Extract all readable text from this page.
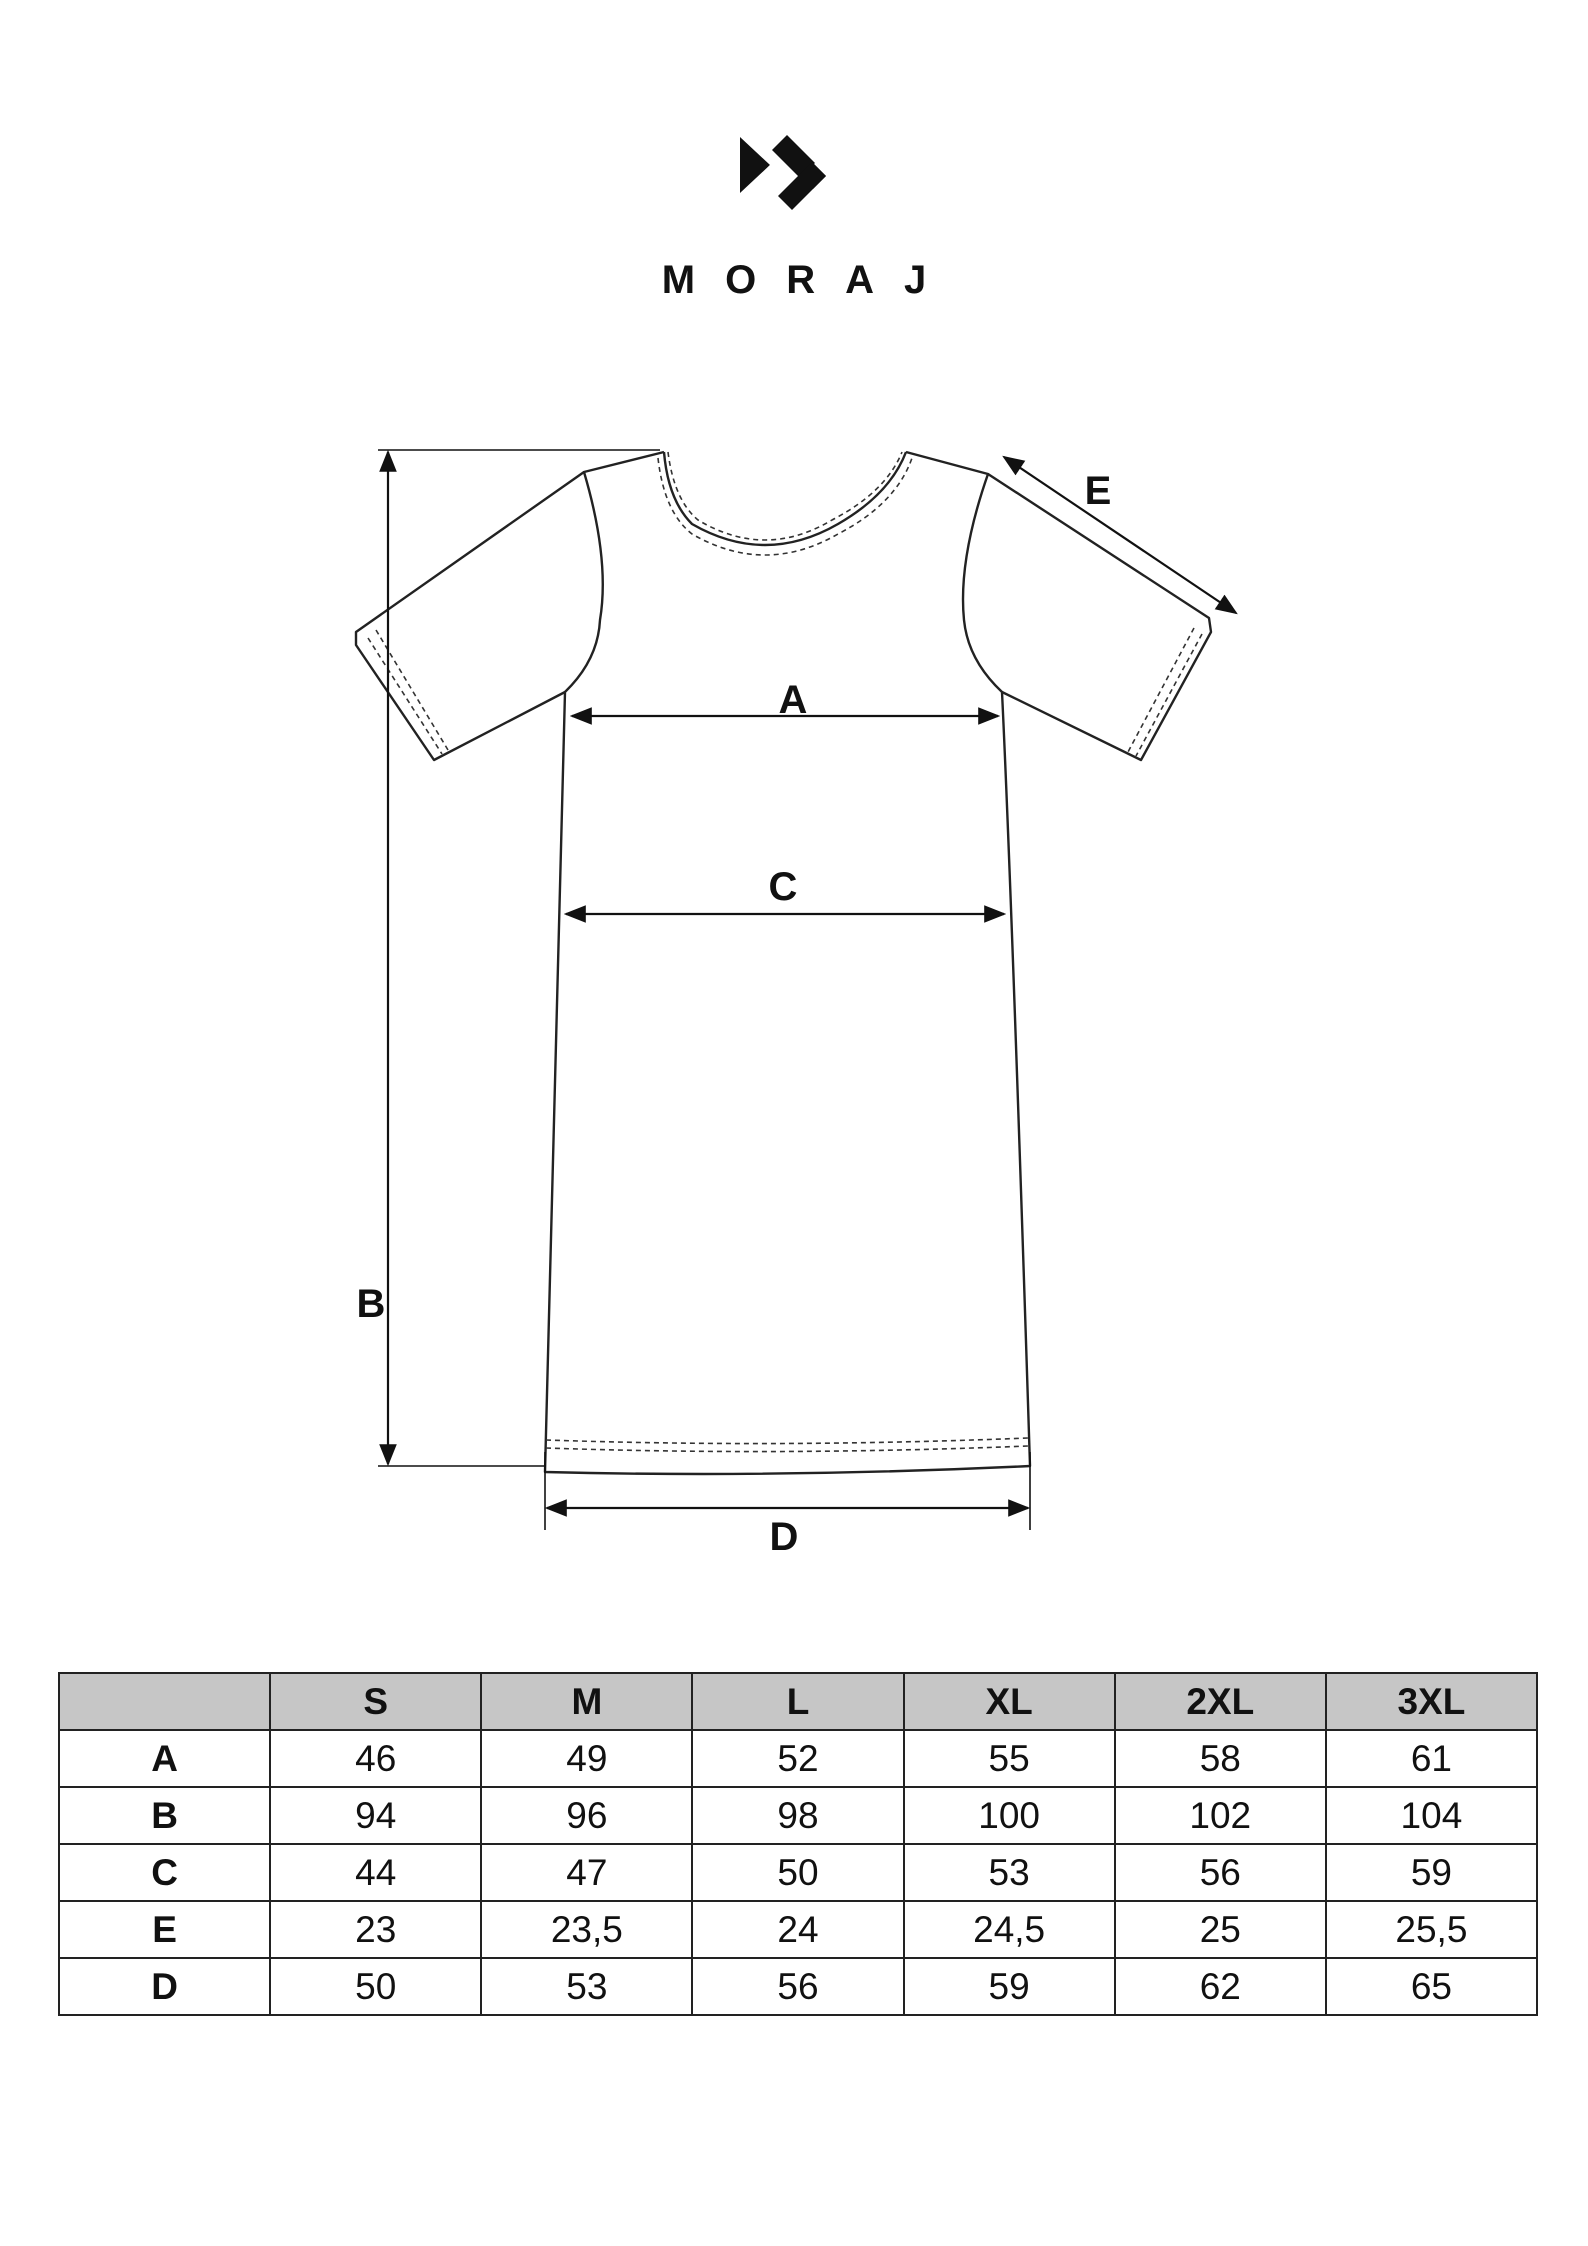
MORAJ
A
C
B
D
E
	S	M	L	XL	2XL	3XL
A	46	49	52	55	58	61
B	94	96	98	100	102	104
C	44	47	50	53	56	59
E	23	23,5	24	24,5	25	25,5
D	50	53	56	59	62	65
